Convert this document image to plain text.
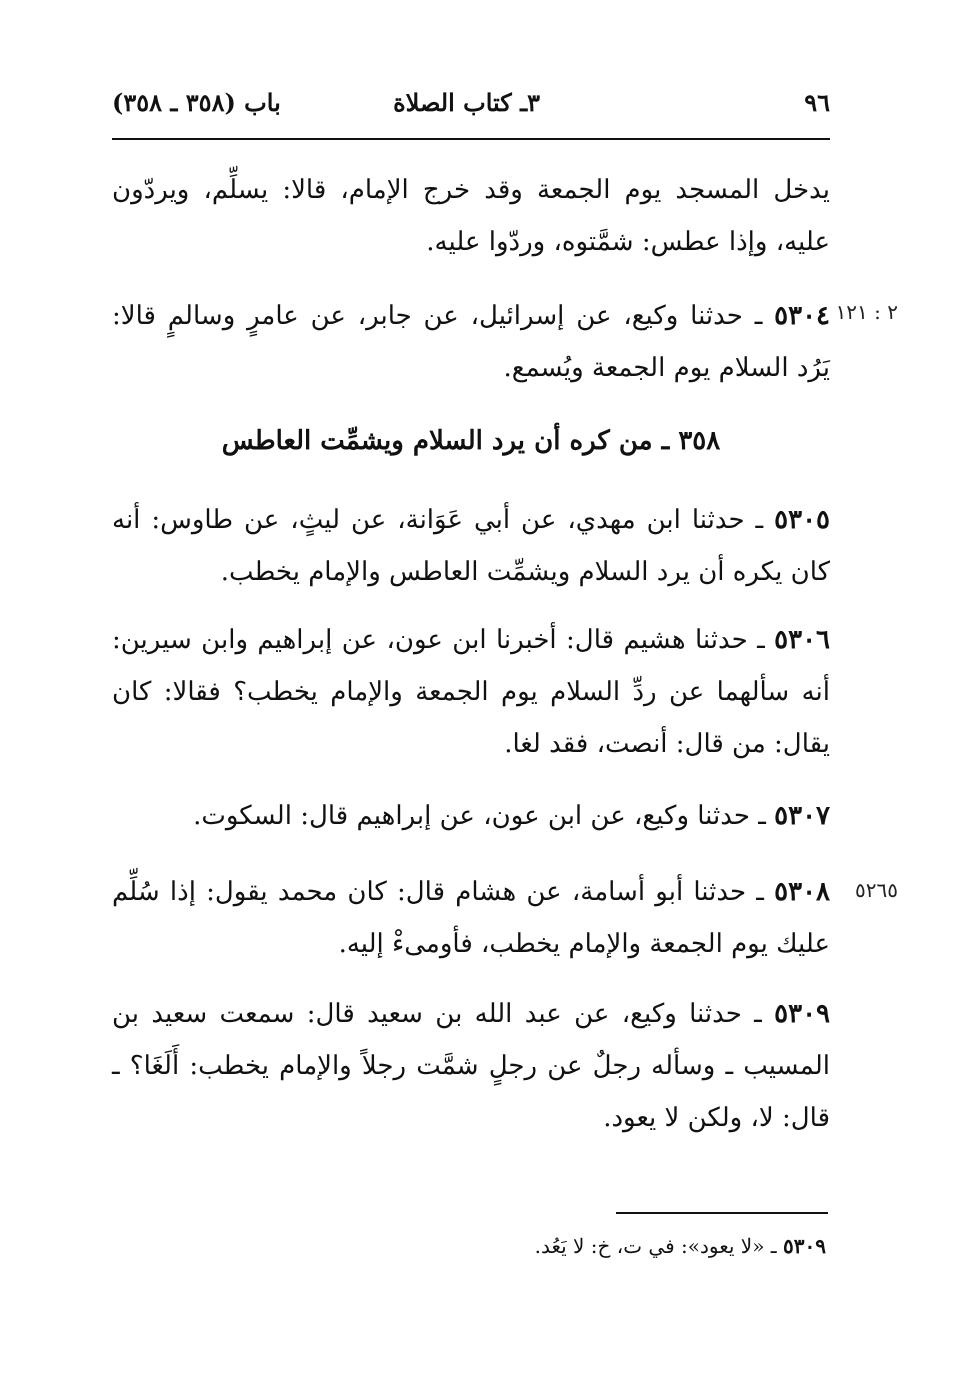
٩٦
٣ـ كتاب الصلاة
باب (٣٥٨ ـ ٣٥٨)
يدخل المسجد يوم الجمعة وقد خرج الإمام، قالا: يسلِّم، ويردّون عليه، وإذا عطس: شمَّتوه، وردّوا عليه.
٢ : ١٢١
٥٣٠٤ ـ حدثنا وكيع، عن إسرائيل، عن جابر، عن عامرٍ وسالمٍ قالا: يَرُد السلام يوم الجمعة ويُسمع.
٣٥٨ ـ من كره أن يرد السلام ويشمِّت العاطس
٥٣٠٥ ـ حدثنا ابن مهدي، عن أبي عَوَانة، عن ليثٍ، عن طاوس: أنه كان يكره أن يرد السلام ويشمِّت العاطس والإمام يخطب.
٥٣٠٦ ـ حدثنا هشيم قال: أخبرنا ابن عون، عن إبراهيم وابن سيرين: أنه سألهما عن ردِّ السلام يوم الجمعة والإمام يخطب؟ فقالا: كان يقال: من قال: أنصت، فقد لغا.
٥٣٠٧ ـ حدثنا وكيع، عن ابن عون، عن إبراهيم قال: السكوت.
٥٢٦٥
٥٣٠٨ ـ حدثنا أبو أسامة، عن هشام قال: كان محمد يقول: إذا سُلِّم عليك يوم الجمعة والإمام يخطب، فأومىءْ إليه.
٥٣٠٩ ـ حدثنا وكيع، عن عبد الله بن سعيد قال: سمعت سعيد بن المسيب ـ وسأله رجلٌ عن رجلٍ شمَّت رجلاً والإمام يخطب: أَلَغَا؟ ـ قال: لا، ولكن لا يعود.
٥٣٠٩ ـ «لا يعود»: في ت، خ: لا يَعُد.
